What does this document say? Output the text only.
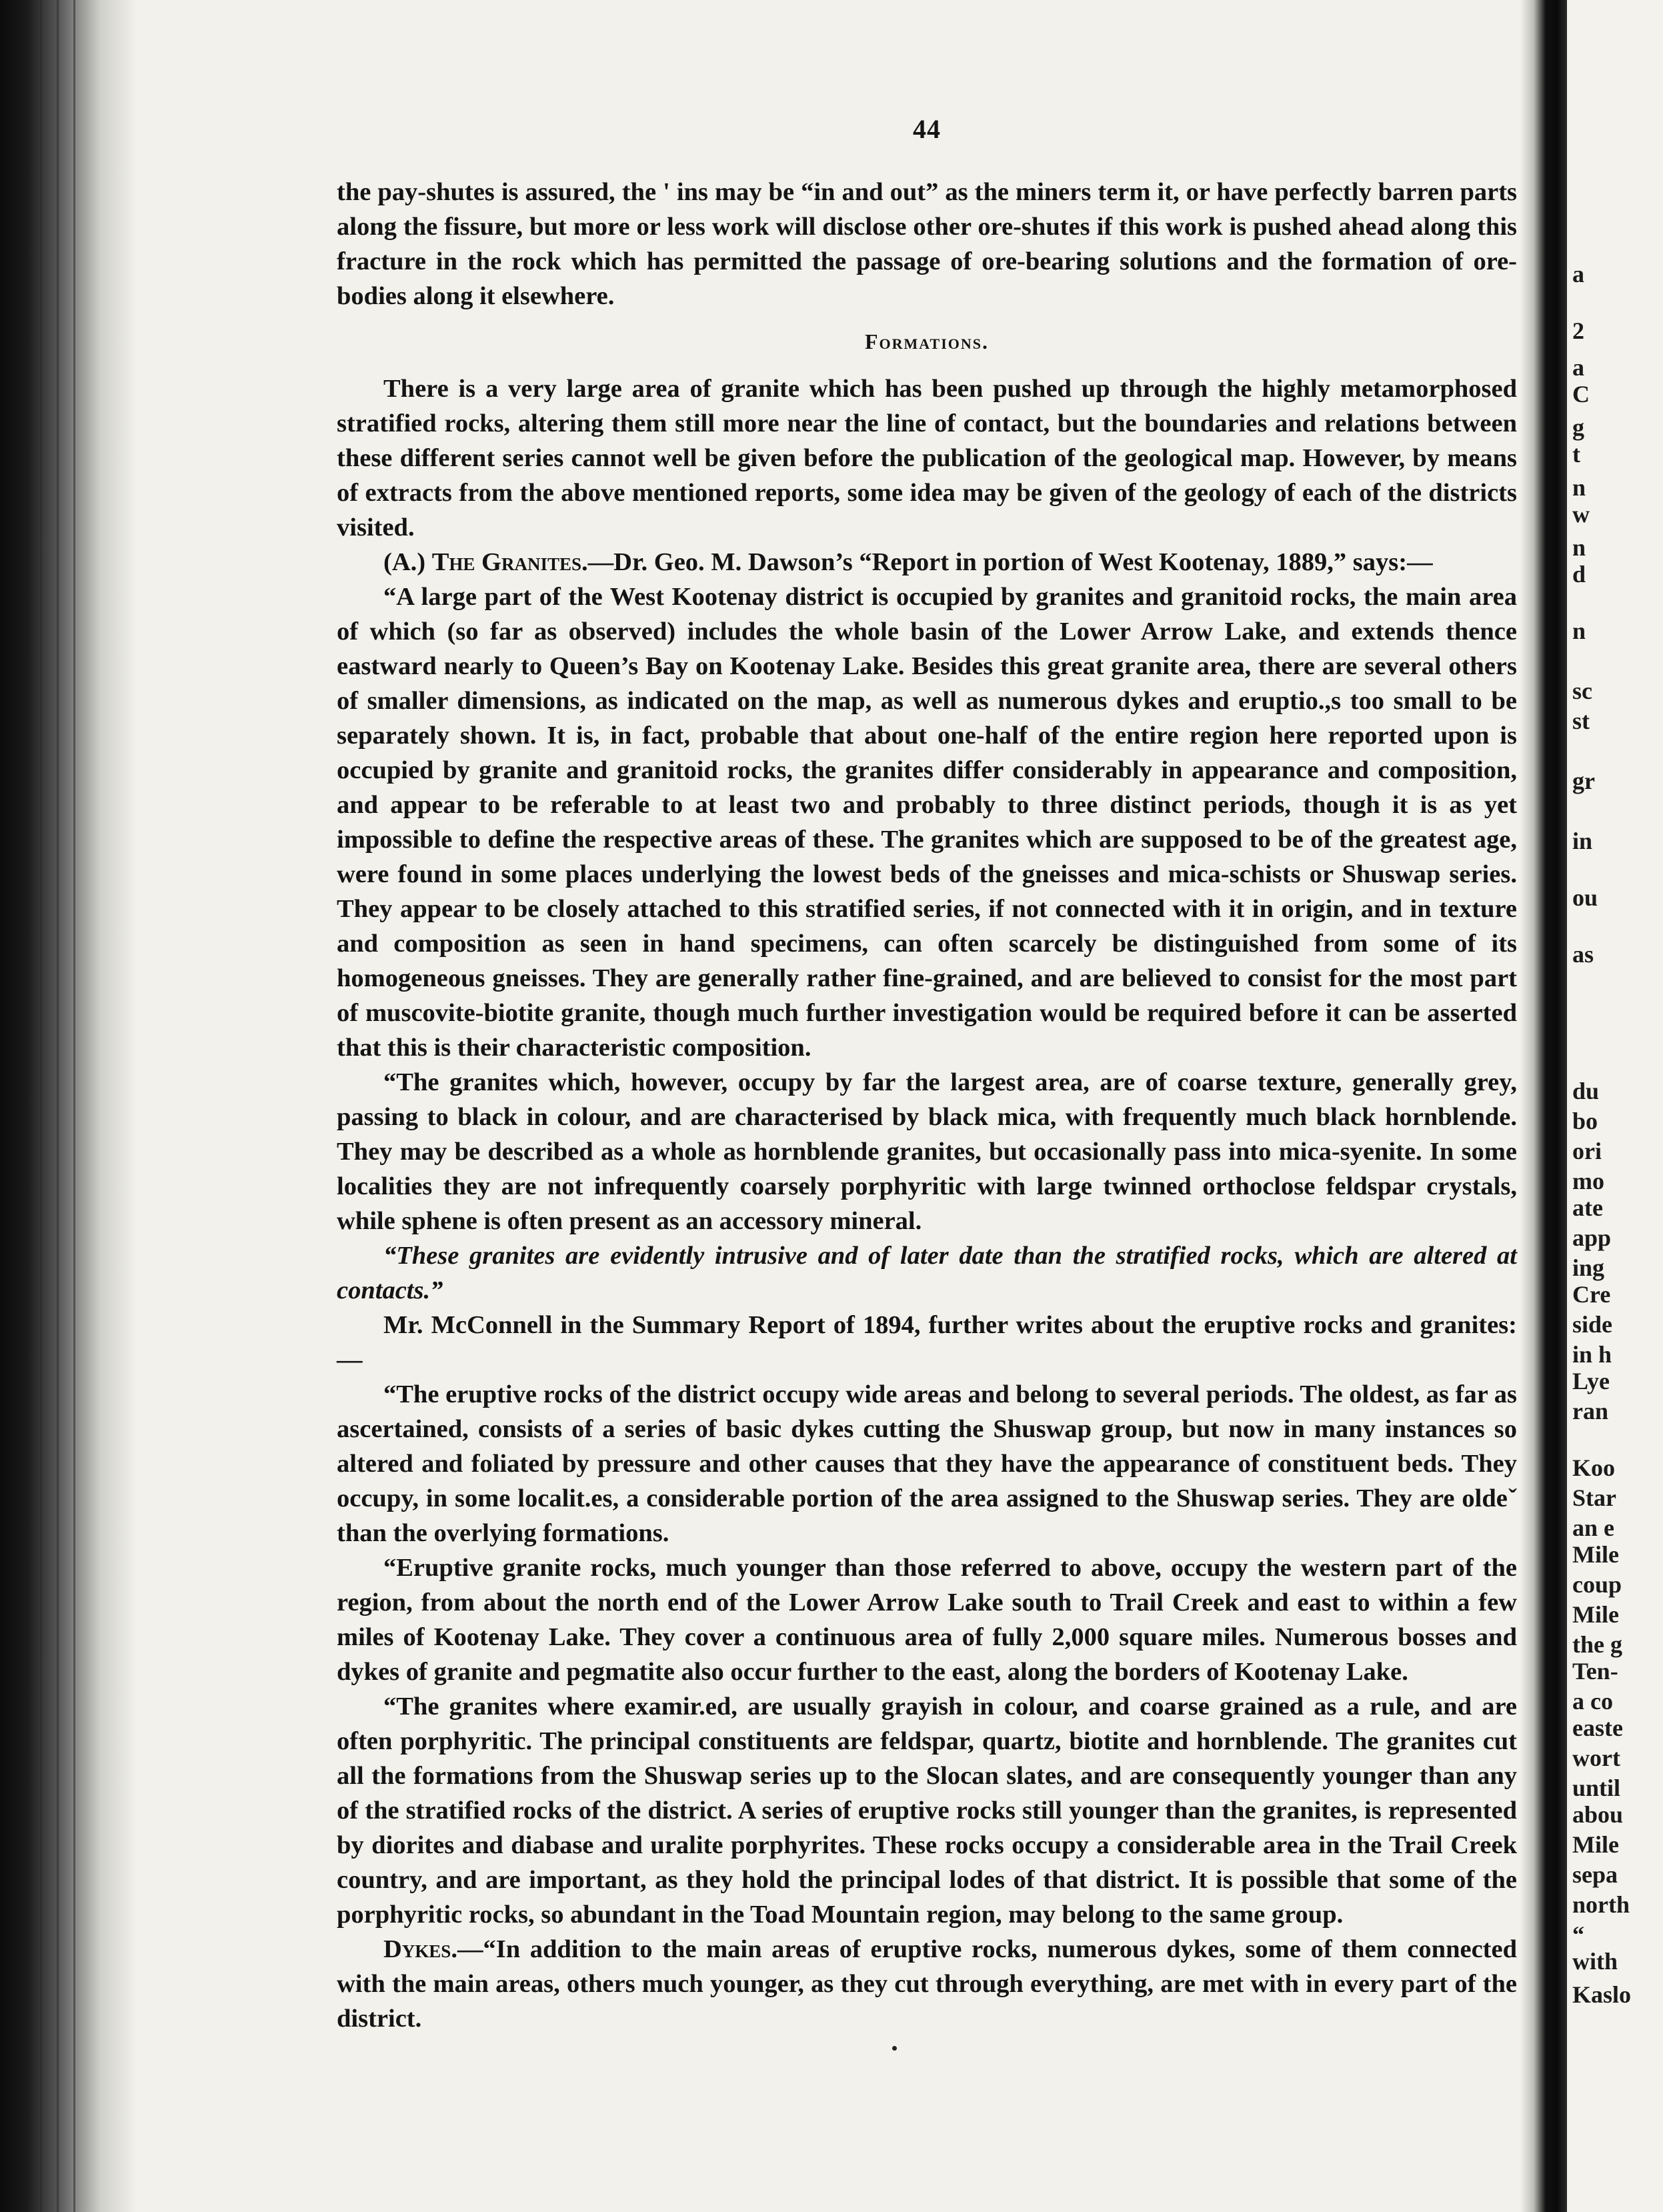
a
2
a
C
g
t
n
w
n
d
n
sc
st
gr
in
ou
as
du
bo
ori
mo
ate
app
ing
Cre
side
in h
Lye
ran
Koo
Star
an e
Mile
coup
Mile
the g
Ten-
a co
easte
wort
until
abou
Mile
sepa
north
“
with
Kaslo
44

the pay-shutes is assured, the ' ins may be “in and out” as the miners term it, or have perfectly barren parts along the fissure, but more or less work will disclose other ore-shutes if this work is pushed ahead along this fracture in the rock which has permitted the passage of ore-bearing solutions and the formation of ore-bodies along it elsewhere.

Formations.

There is a very large area of granite which has been pushed up through the highly metamorphosed stratified rocks, altering them still more near the line of contact, but the boundaries and relations between these different series cannot well be given before the publication of the geological map. However, by means of extracts from the above mentioned reports, some idea may be given of the geology of each of the districts visited.

(A.) The Granites.—Dr. Geo. M. Dawson’s “Report in portion of West Kootenay, 1889,” says:—

“A large part of the West Kootenay district is occupied by granites and granitoid rocks, the main area of which (so far as observed) includes the whole basin of the Lower Arrow Lake, and extends thence eastward nearly to Queen’s Bay on Kootenay Lake. Besides this great granite area, there are several others of smaller dimensions, as indicated on the map, as well as numerous dykes and eruptio.,s too small to be separately shown. It is, in fact, probable that about one-half of the entire region here reported upon is occupied by granite and granitoid rocks, the granites differ considerably in appearance and composition, and appear to be referable to at least two and probably to three distinct periods, though it is as yet impossible to define the respective areas of these. The granites which are supposed to be of the greatest age, were found in some places underlying the lowest beds of the gneisses and mica-schists or Shuswap series. They appear to be closely attached to this stratified series, if not connected with it in origin, and in texture and composition as seen in hand specimens, can often scarcely be distinguished from some of its homogeneous gneisses. They are generally rather fine-grained, and are believed to consist for the most part of muscovite-biotite granite, though much further investigation would be required before it can be asserted that this is their characteristic composition.

“The granites which, however, occupy by far the largest area, are of coarse texture, generally grey, passing to black in colour, and are characterised by black mica, with frequently much black hornblende. They may be described as a whole as hornblende granites, but occasionally pass into mica-syenite. In some localities they are not infrequently coarsely porphyritic with large twinned orthoclose feldspar crystals, while sphene is often present as an accessory mineral.

“These granites are evidently intrusive and of later date than the stratified rocks, which are altered at contacts.”

Mr. McConnell in the Summary Report of 1894, further writes about the eruptive rocks and granites:—

“The eruptive rocks of the district occupy wide areas and belong to several periods. The oldest, as far as ascertained, consists of a series of basic dykes cutting the Shuswap group, but now in many instances so altered and foliated by pressure and other causes that they have the appearance of constituent beds. They occupy, in some localit.es, a considerable portion of the area assigned to the Shuswap series. They are oldeˇ than the overlying formations.

“Eruptive granite rocks, much younger than those referred to above, occupy the western part of the region, from about the north end of the Lower Arrow Lake south to Trail Creek and east to within a few miles of Kootenay Lake. They cover a continuous area of fully 2,000 square miles. Numerous bosses and dykes of granite and pegmatite also occur further to the east, along the borders of Kootenay Lake.

“The granites where examir.ed, are usually grayish in colour, and coarse grained as a rule, and are often porphyritic. The principal constituents are feldspar, quartz, biotite and hornblende. The granites cut all the formations from the Shuswap series up to the Slocan slates, and are consequently younger than any of the stratified rocks of the district. A series of eruptive rocks still younger than the granites, is represented by diorites and diabase and uralite porphyrites. These rocks occupy a considerable area in the Trail Creek country, and are important, as they hold the principal lodes of that district. It is possible that some of the porphyritic rocks, so abundant in the Toad Mountain region, may belong to the same group.

Dykes.—“In addition to the main areas of eruptive rocks, numerous dykes, some of them connected with the main areas, others much younger, as they cut through everything, are met with in every part of the district.
